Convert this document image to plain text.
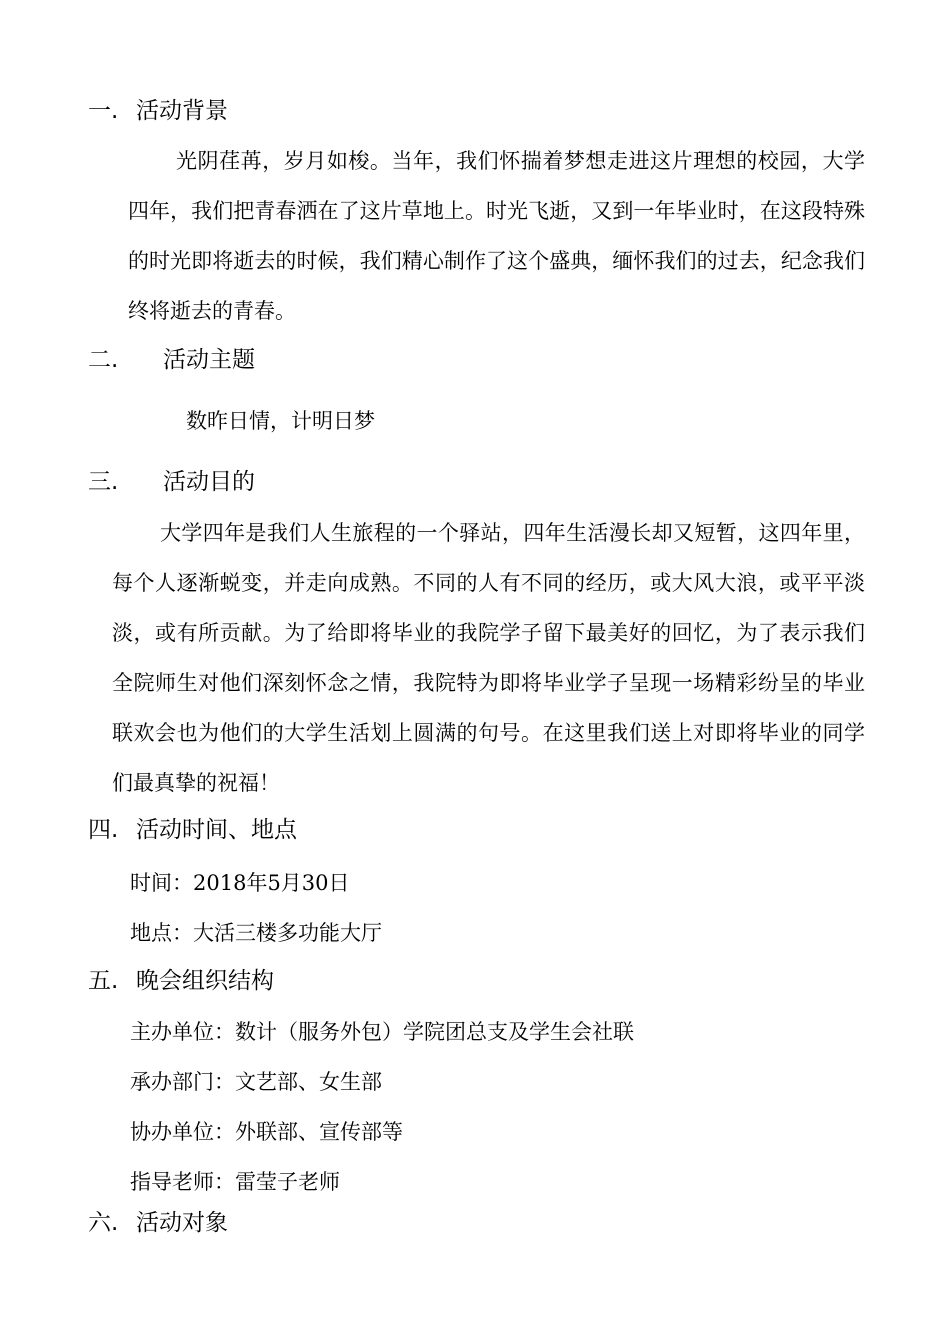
一. 活动背景
光阴荏苒，岁月如梭。当年，我们怀揣着梦想走进这片理想的校园，大学四年，我们把青春洒在了这片草地上。时光飞逝，又到一年毕业时，在这段特殊的时光即将逝去的时候，我们精心制作了这个盛典，缅怀我们的过去，纪念我们终将逝去的青春。
二. 活动主题
数昨日情，计明日梦
三. 活动目的
大学四年是我们人生旅程的一个驿站，四年生活漫长却又短暂，这四年里，每个人逐渐蜕变，并走向成熟。不同的人有不同的经历，或大风大浪，或平平淡淡，或有所贡献。为了给即将毕业的我院学子留下最美好的回忆，为了表示我们全院师生对他们深刻怀念之情，我院特为即将毕业学子呈现一场精彩纷呈的毕业联欢会也为他们的大学生活划上圆满的句号。在这里我们送上对即将毕业的同学们最真挚的祝福！
四. 活动时间、地点
时间：2018年5月30日
地点：大活三楼多功能大厅
五. 晚会组织结构
主办单位：数计（服务外包）学院团总支及学生会社联
承办部门：文艺部、女生部
协办单位：外联部、宣传部等
指导老师：雷莹子老师
六. 活动对象
